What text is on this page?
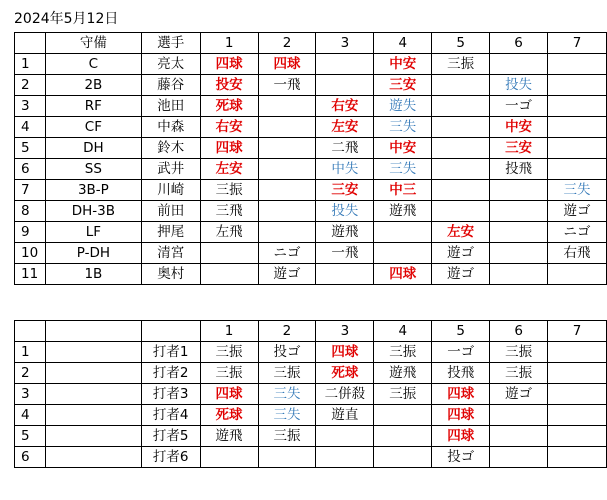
2024年5月12日
	守備	選手	1	2	3	4	5	6	7
1	C	亮太	四球	四球		中安	三振		
2	2B	藤谷	投安	一飛		三安		投失	
3	RF	池田	死球		右安	遊失		一ゴ	
4	CF	中森	右安		左安	三失		中安	
5	DH	鈴木	四球		二飛	中安		三安	
6	SS	武井	左安		中失	三失		投飛	
7	3B-P	川崎	三振		三安	中三			三失
8	DH-3B	前田	三飛		投失	遊飛			遊ゴ
9	LF	押尾	左飛		遊飛		左安		ニゴ
10	P-DH	清宮		ニゴ	一飛		遊ゴ		右飛
11	1B	奥村		遊ゴ		四球	遊ゴ		
			1	2	3	4	5	6	7
1		打者1	三振	投ゴ	四球	三振	一ゴ	三振	
2		打者2	三振	三振	死球	遊飛	投飛	三振	
3		打者3	四球	三失	二併殺	三振	四球	遊ゴ	
4		打者4	死球	三失	遊直		四球		
5		打者5	遊飛	三振			四球		
6		打者6					投ゴ		
